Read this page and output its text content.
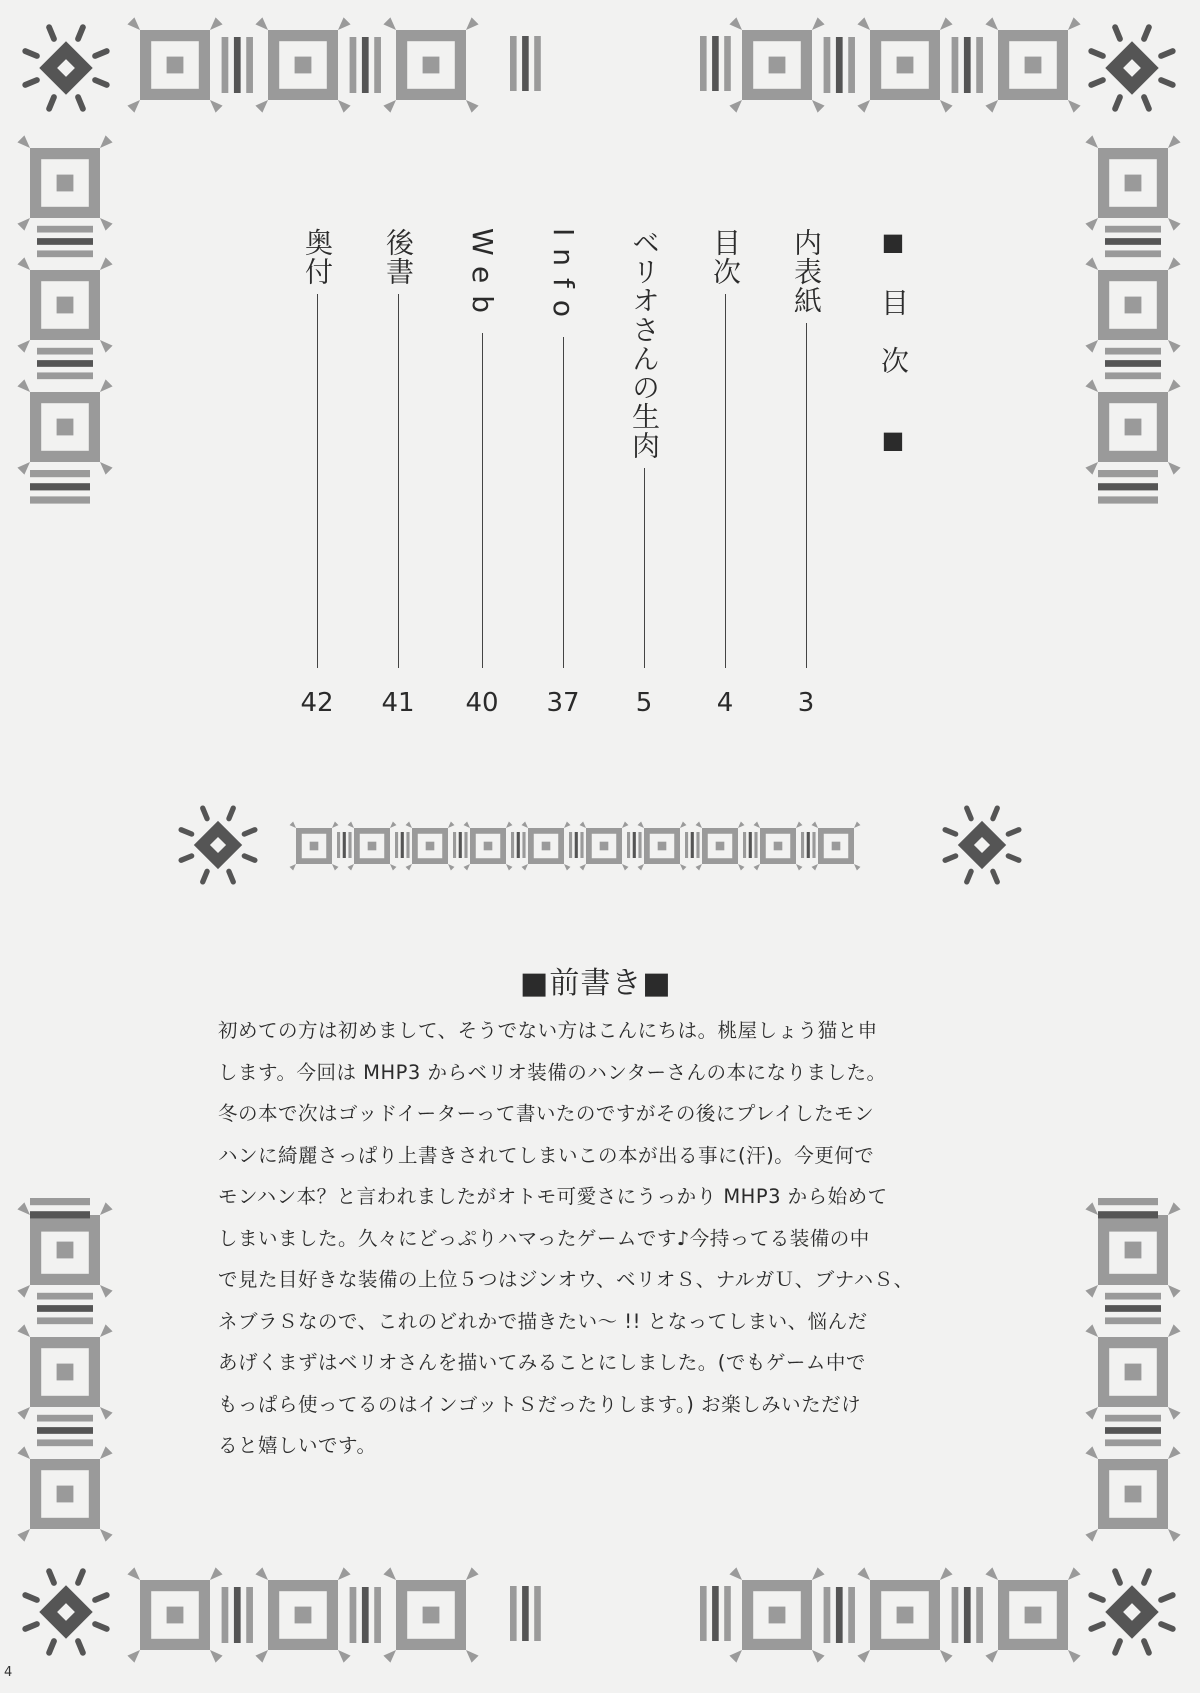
■
目次
■
内表紙
3
目次
4
ベリオさんの生肉
5
Info
37
Web
40
後書
41
奥付
42
■前書き■

初めての方は初めまして、そうでない方はこんにちは。桃屋しょう猫と申

します。今回は MHP3 からベリオ装備のハンターさんの本になりました。

冬の本で次はゴッドイーターって書いたのですがその後にプレイしたモン

ハンに綺麗さっぱり上書きされてしまいこの本が出る事に(汗)。今更何で

モンハン本？と言われましたがオトモ可愛さにうっかり MHP3 から始めて

しまいました。久々にどっぷりハマったゲームです♪今持ってる装備の中

で見た目好きな装備の上位５つはジンオウ、ベリオＳ、ナルガＵ、ブナハＳ、

ネブラＳなので、これのどれかで描きたい～ !! となってしまい、悩んだ

あげくまずはベリオさんを描いてみることにしました。(でもゲーム中で

もっぱら使ってるのはインゴットＳだったりします。) お楽しみいただけ

ると嬉しいです。

4
